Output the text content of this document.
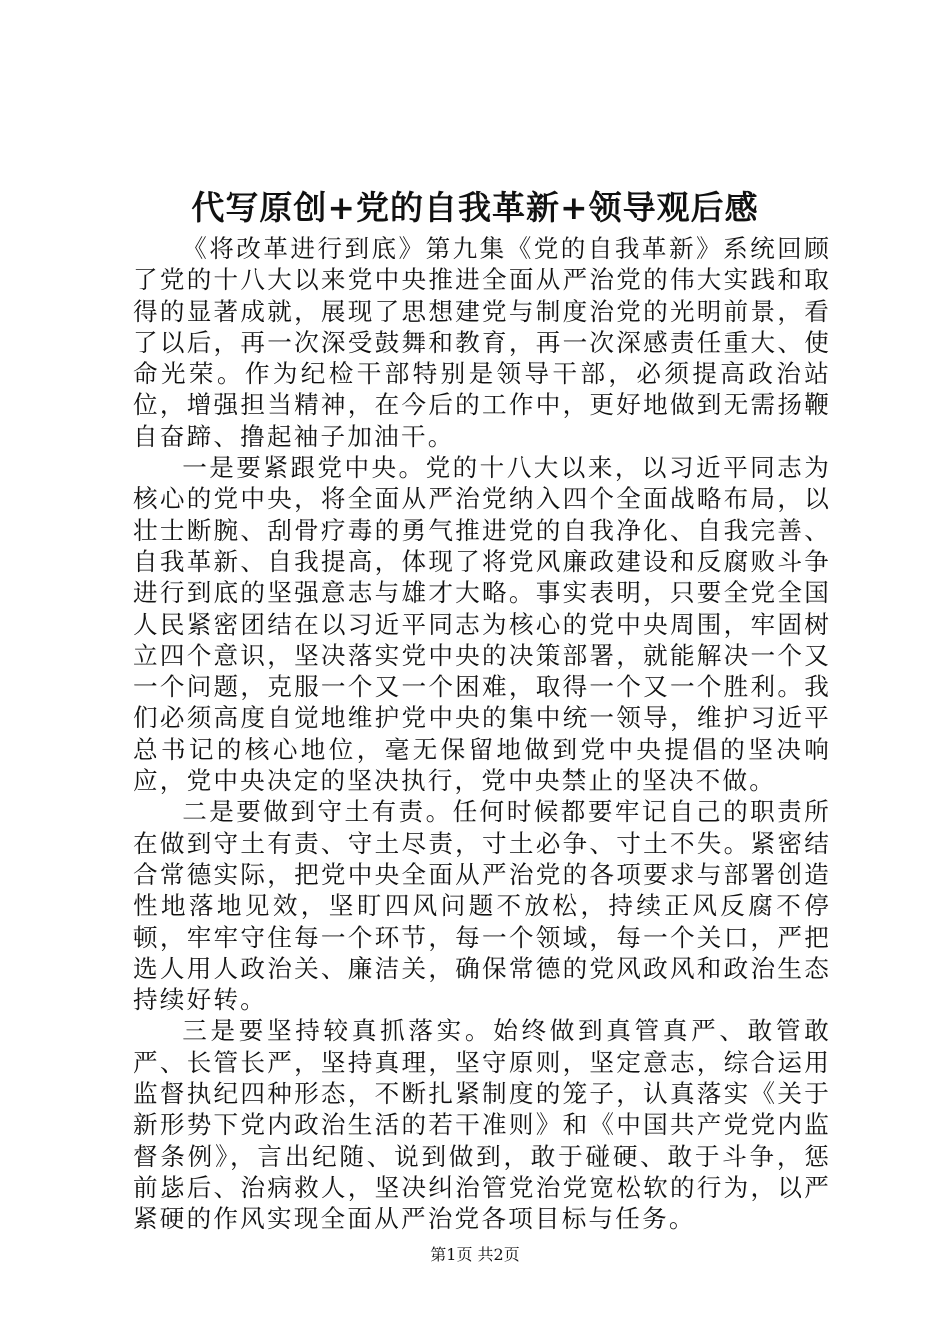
代写原创+党的自我革新+领导观后感

《将改革进行到底》第九集《党的自我革新》系统回顾了党的十八大以来党中央推进全面从严治党的伟大实践和取得的显著成就，展现了思想建党与制度治党的光明前景，看了以后，再一次深受鼓舞和教育，再一次深感责任重大、使命光荣。作为纪检干部特别是领导干部，必须提高政治站位，增强担当精神，在今后的工作中，更好地做到无需扬鞭自奋蹄、撸起袖子加油干。

一是要紧跟党中央。党的十八大以来，以习近平同志为核心的党中央，将全面从严治党纳入四个全面战略布局，以壮士断腕、刮骨疗毒的勇气推进党的自我净化、自我完善、自我革新、自我提高，体现了将党风廉政建设和反腐败斗争进行到底的坚强意志与雄才大略。事实表明，只要全党全国人民紧密团结在以习近平同志为核心的党中央周围，牢固树立四个意识，坚决落实党中央的决策部署，就能解决一个又一个问题，克服一个又一个困难，取得一个又一个胜利。我们必须高度自觉地维护党中央的集中统一领导，维护习近平总书记的核心地位，毫无保留地做到党中央提倡的坚决响应，党中央决定的坚决执行，党中央禁止的坚决不做。

二是要做到守土有责。任何时候都要牢记自己的职责所在做到守土有责、守土尽责，寸土必争、寸土不失。紧密结合常德实际，把党中央全面从严治党的各项要求与部署创造性地落地见效，坚盯四风问题不放松，持续正风反腐不停顿，牢牢守住每一个环节，每一个领域，每一个关口，严把选人用人政治关、廉洁关，确保常德的党风政风和政治生态持续好转。

三是要坚持较真抓落实。始终做到真管真严、敢管敢严、长管长严，坚持真理，坚守原则，坚定意志，综合运用监督执纪四种形态，不断扎紧制度的笼子，认真落实《关于新形势下党内政治生活的若干准则》和《中国共产党党内监督条例》，言出纪随、说到做到，敢于碰硬、敢于斗争，惩前毖后、治病救人，坚决纠治管党治党宽松软的行为，以严紧硬的作风实现全面从严治党各项目标与任务。

第1页 共2页
